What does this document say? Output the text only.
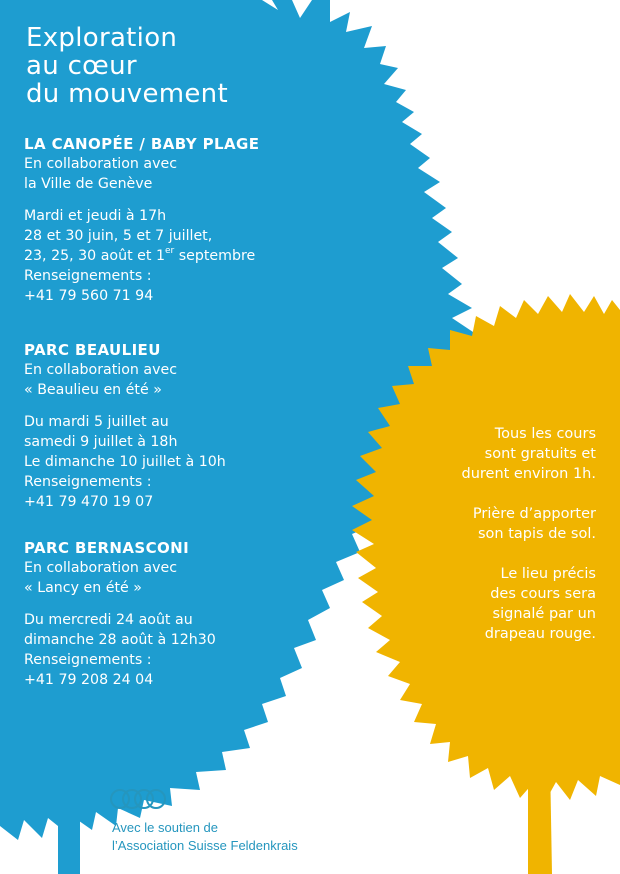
Exploration
au cœur
du mouvement
LA CANOPÉE / BABY PLAGE
En collaboration avec
la Ville de Genève
Mardi et jeudi à 17h
28 et 30 juin, 5 et 7 juillet,
23, 25, 30 août et 1er septembre
Renseignements :
+41 79 560 71 94
PARC BEAULIEU
En collaboration avec
« Beaulieu en été »
Du mardi 5 juillet au
samedi 9 juillet à 18h
Le dimanche 10 juillet à 10h
Renseignements :
+41 79 470 19 07
PARC BERNASCONI
En collaboration avec
« Lancy en été »
Du mercredi 24 août au
dimanche 28 août à 12h30
Renseignements :
+41 79 208 24 04
Tous les cours
sont gratuits et
durent environ 1h.
Prière d’apporter
son tapis de sol.
Le lieu précis
des cours sera
signalé par un
drapeau rouge.
Avec le soutien de
l’Association Suisse Feldenkrais
